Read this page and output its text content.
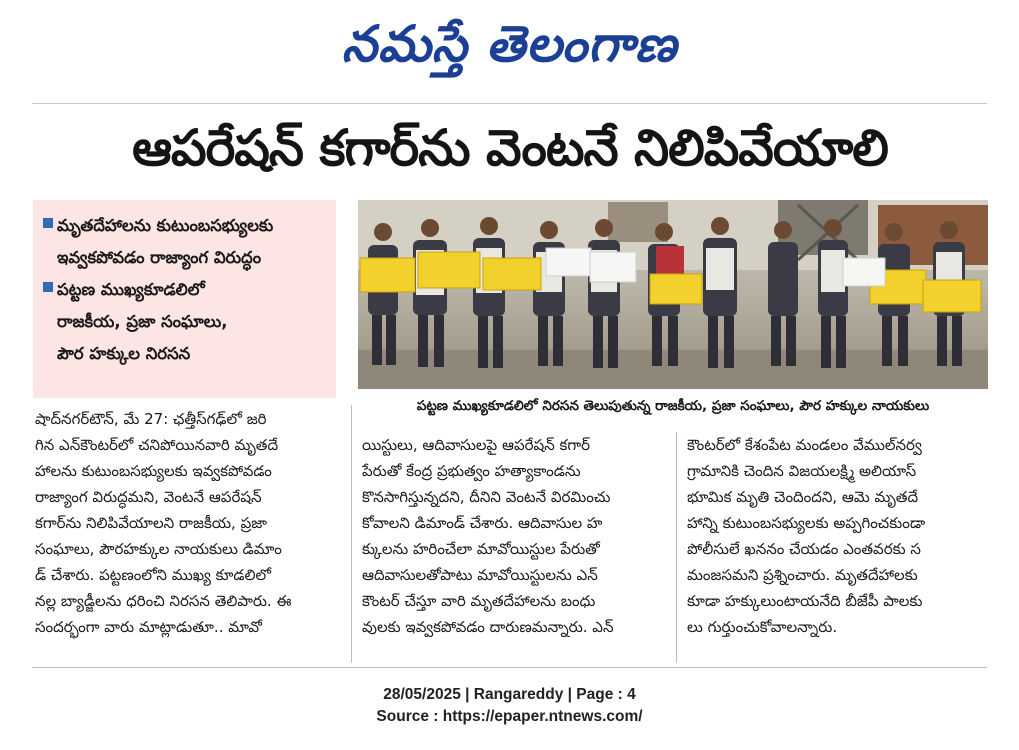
నమస్తే తెలంగాణ
ఆపరేషన్ కగార్‌ను వెంటనే నిలిపివేయాలి
మృతదేహాలను కుటుంబసభ్యులకు
ఇవ్వకపోవడం రాజ్యాంగ విరుద్ధం
పట్టణ ముఖ్యకూడలిలో
రాజకీయ, ప్రజా సంఘాలు,
పౌర హక్కుల నిరసన
పట్టణ ముఖ్యకూడలిలో నిరసన తెలుపుతున్న రాజకీయ, ప్రజా సంఘాలు, పౌర హక్కుల నాయకులు
షాద్‌నగర్‌టౌన్, మే 27: ఛత్తీస్‌గఢ్‌లో జరి
గిన ఎన్‌కౌంటర్‌లో చనిపోయినవారి మృతదే
హాలను కుటుంబసభ్యులకు ఇవ్వకపోవడం
రాజ్యాంగ విరుద్ధమని, వెంటనే ఆపరేషన్
కగార్‌ను నిలిపివేయాలని రాజకీయ, ప్రజా
సంఘాలు, పౌరహక్కుల నాయకులు డిమాం
డ్ చేశారు. పట్టణంలోని ముఖ్య కూడలిలో
నల్ల బ్యాడ్జీలను ధరించి నిరసన తెలిపారు. ఈ
సందర్భంగా వారు మాట్లాడుతూ.. మావో
యిస్టులు, ఆదివాసులపై ఆపరేషన్ కగార్
పేరుతో కేంద్ర ప్రభుత్వం హత్యాకాండను
కొనసాగిస్తున్నదని, దీనిని వెంటనే విరమించు
కోవాలని డిమాండ్ చేశారు. ఆదివాసుల హ
క్కులను హరించేలా మావోయిస్టుల పేరుతో
ఆదివాసులతోపాటు మావోయిస్టులను ఎన్
కౌంటర్ చేస్తూ వారి మృతదేహాలను బంధు
వులకు ఇవ్వకపోవడం దారుణమన్నారు. ఎన్
కౌంటర్‌లో కేశంపేట మండలం వేముల్‌నర్వ
గ్రామానికి చెందిన విజయలక్ష్మి అలియాస్
భూమిక మృతి చెందిందని, ఆమె మృతదే
హాన్ని కుటుంబసభ్యులకు అప్పగించకుండా
పోలీసులే ఖననం చేయడం ఎంతవరకు స
మంజసమని ప్రశ్నించారు. మృతదేహాలకు
కూడా హక్కులుంటాయనేది బీజేపీ పాలకు
లు గుర్తుంచుకోవాలన్నారు.
28/05/2025 | Rangareddy | Page : 4
Source : https://epaper.ntnews.com/
